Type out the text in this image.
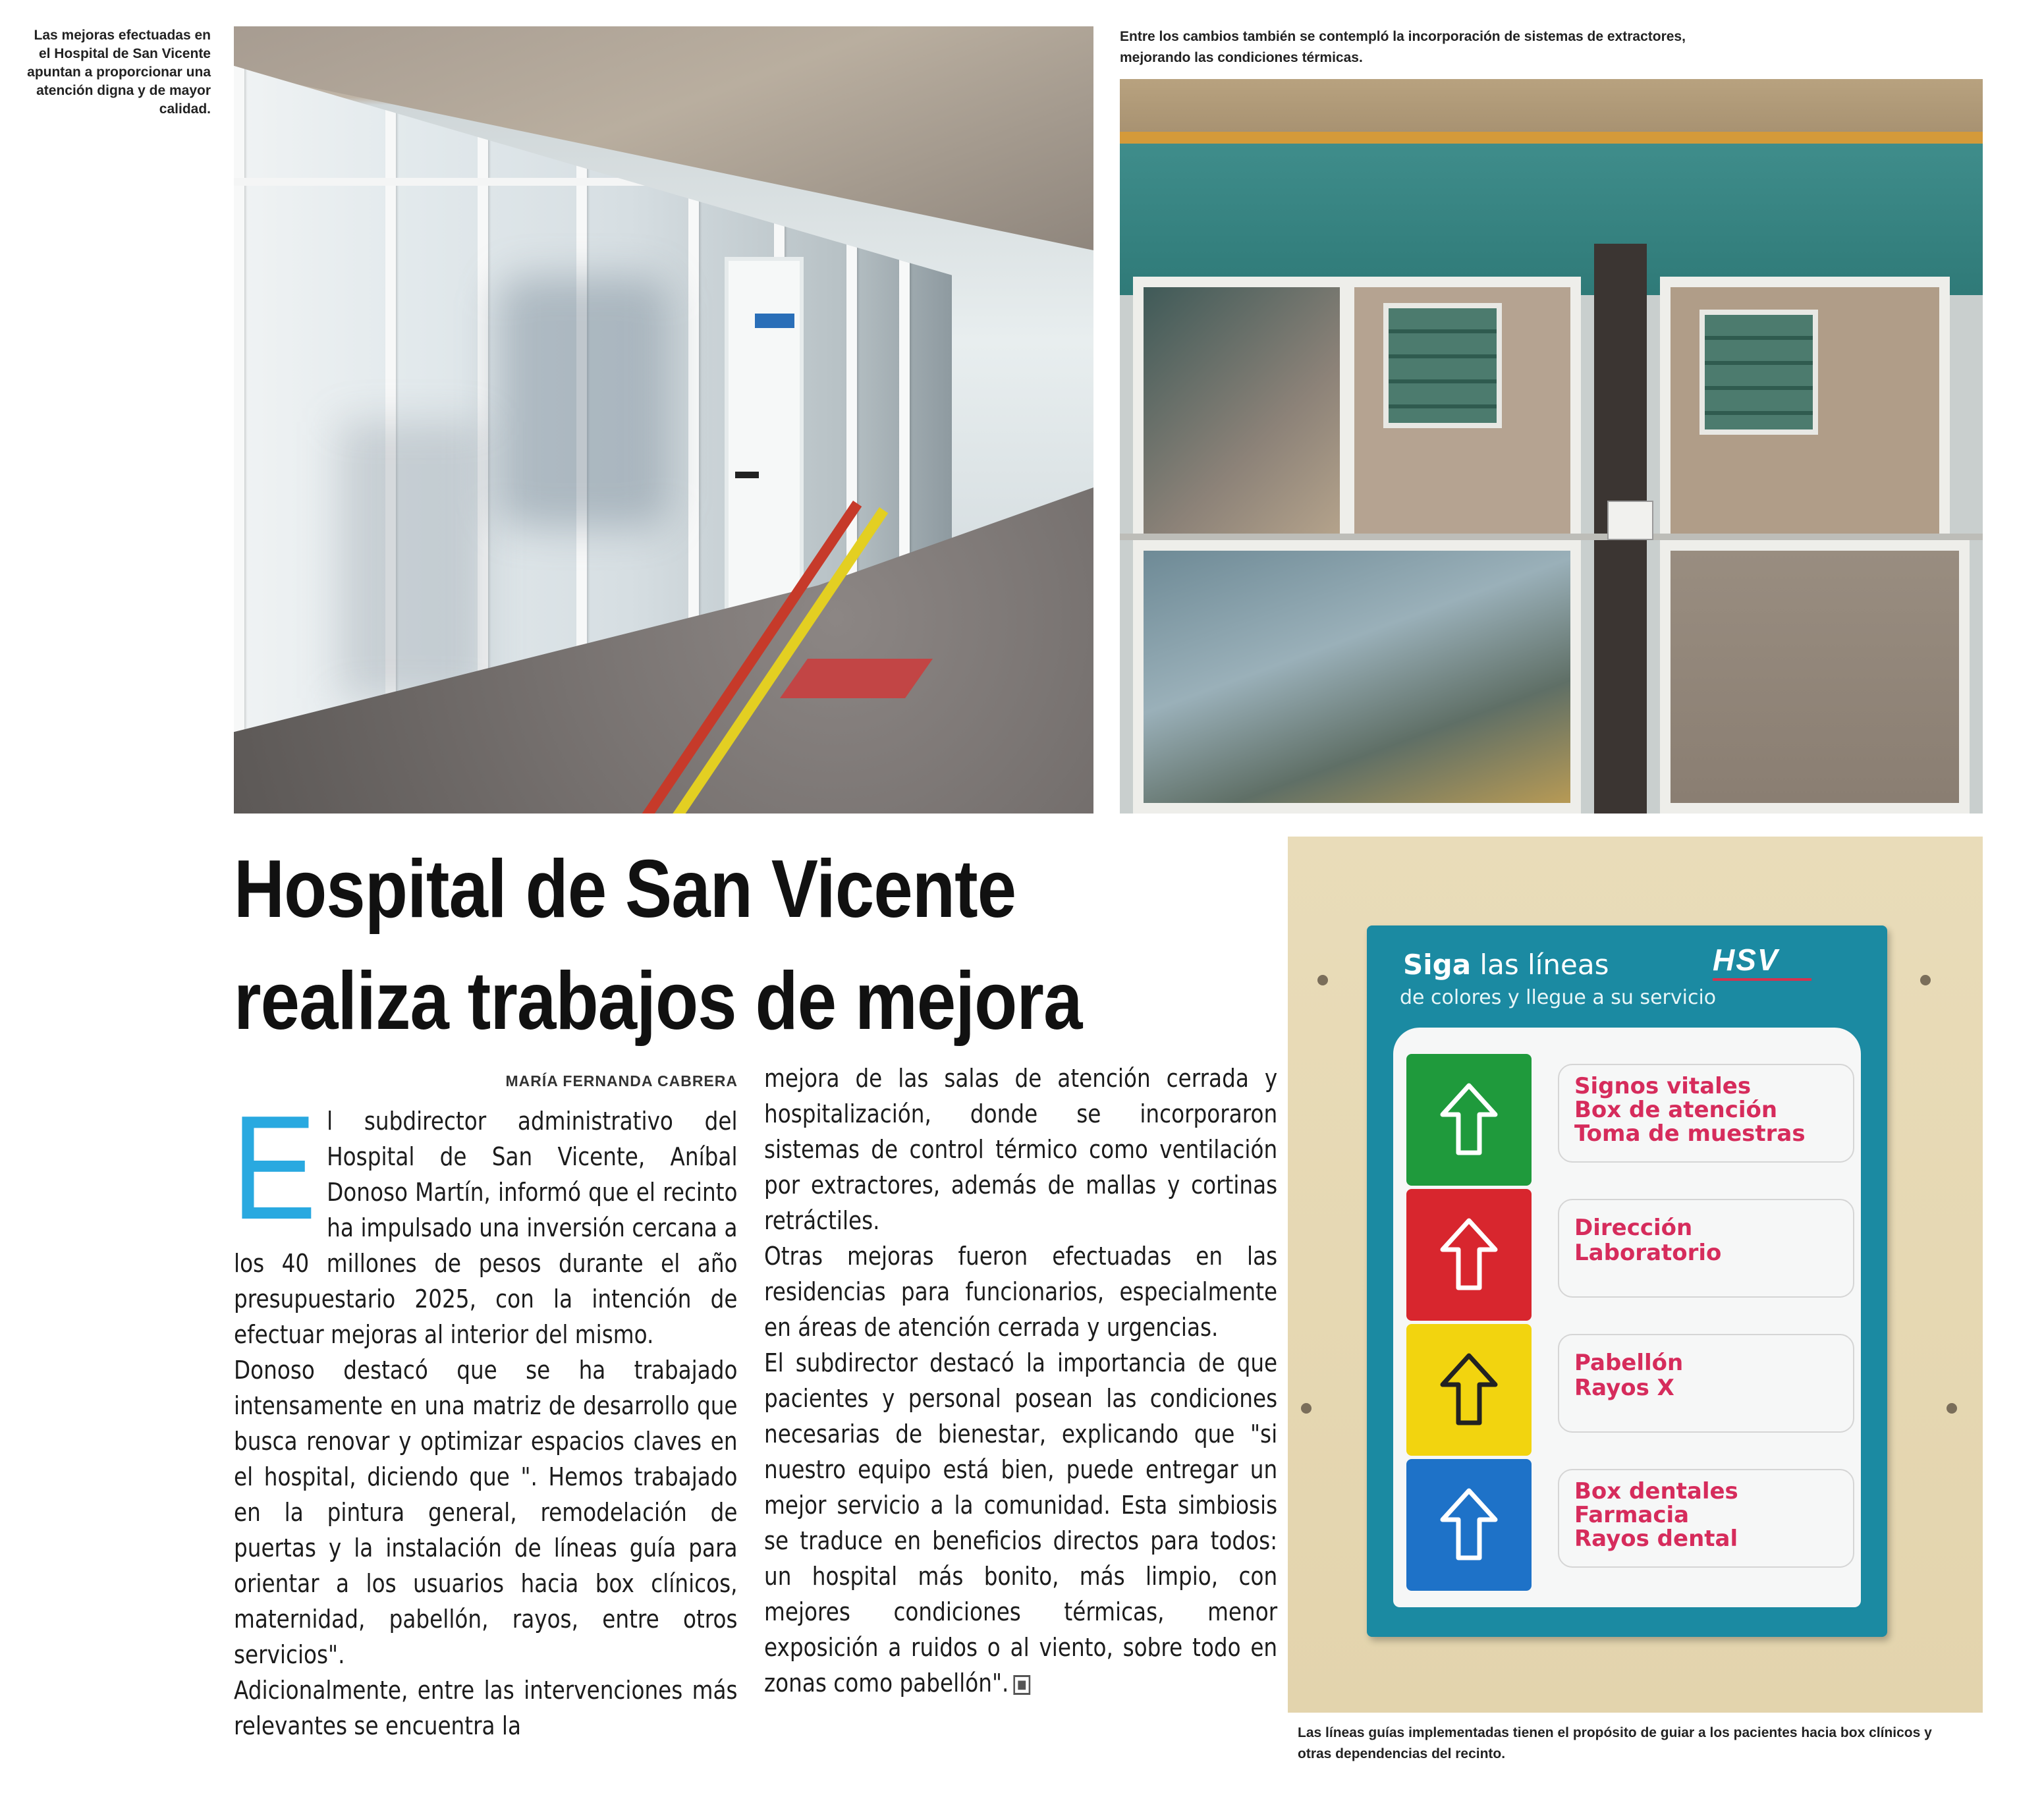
Las mejoras efectuadas en el Hospital de San Vicente apuntan a proporcionar una atención digna y de mayor calidad.
Entre los cambios también se contempló la incorporación de sistemas de extractores, mejorando las condiciones térmicas.
Hospital de San Vicente
realiza trabajos de mejora
MARÍA FERNANDA CABRERA

El subdirector administrativo del Hospital de San Vicente, Aníbal Donoso Martín, informó que el recinto ha impulsado una inversión cercana a los 40 millones de pesos durante el año presupuestario 2025, con la intención de efectuar mejoras al interior del mismo.

Donoso destacó que se ha trabajado intensamente en una matriz de desarrollo que busca renovar y optimizar espacios claves en el hospital, diciendo que ". Hemos trabajado en la pintura general, remodelación de puertas y la instalación de líneas guía para orientar a los usuarios hacia box clínicos, maternidad, pabellón, rayos, entre otros servicios".

Adicionalmente, entre las intervenciones más relevantes se encuentra la

mejora de las salas de atención cerrada y hospitalización, donde se incorporaron sistemas de control térmico como ventilación por extractores, además de mallas y cortinas retráctiles.

Otras mejoras fueron efectuadas en las residencias para funcionarios, especialmente en áreas de atención cerrada y urgencias.

El subdirector destacó la importancia de que pacientes y personal posean las condiciones necesarias de bienestar, explicando que "si nuestro equipo está bien, puede entregar un mejor servicio a la comunidad. Esta simbiosis se traduce en beneficios directos para todos: un hospital más bonito, más limpio, con mejores condiciones térmicas, menor exposición a ruidos o al viento, sobre todo en zonas como pabellón". ■

Siga las líneas
de colores y llegue a su servicio
HSV
Signos vitales
Box de atención
Toma de muestras
Dirección
Laboratorio
Pabellón
Rayos X
Box dentales
Farmacia
Rayos dental
Las líneas guías implementadas tienen el propósito de guiar a los pacientes hacia box clínicos y otras dependencias del recinto.
